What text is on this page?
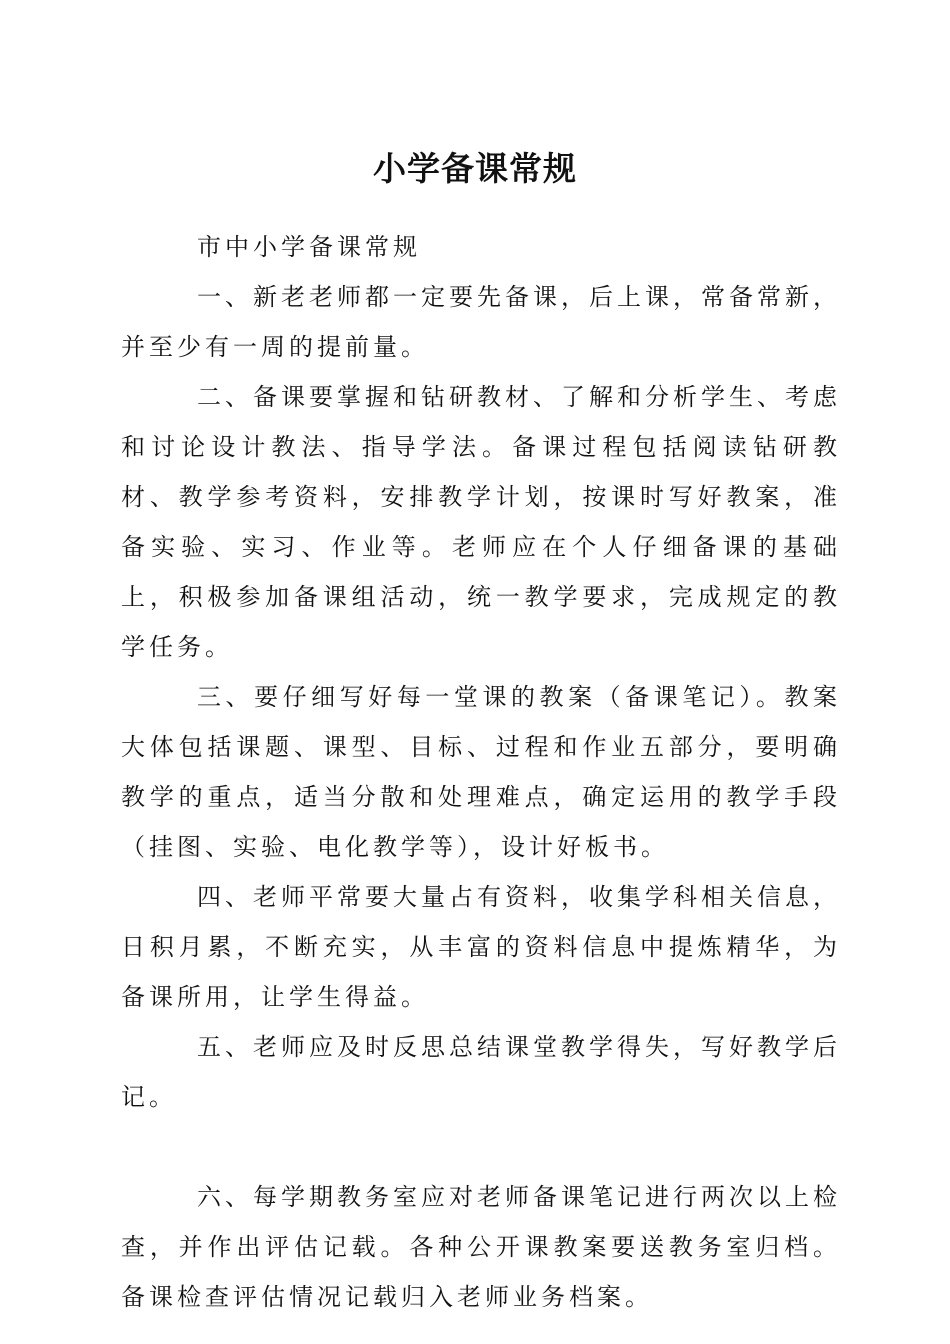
小学备课常规

市中小学备课常规

一、新老老师都一定要先备课，后上课，常备常新，并至少有一周的提前量。

二、备课要掌握和钻研教材、了解和分析学生、考虑和讨论设计教法、指导学法。备课过程包括阅读钻研教材、教学参考资料，安排教学计划，按课时写好教案，准备实验、实习、作业等。老师应在个人仔细备课的基础上，积极参加备课组活动，统一教学要求，完成规定的教学任务。

三、要仔细写好每一堂课的教案（备课笔记）。教案大体包括课题、课型、目标、过程和作业五部分，要明确教学的重点，适当分散和处理难点，确定运用的教学手段（挂图、实验、电化教学等），设计好板书。

四、老师平常要大量占有资料，收集学科相关信息，日积月累，不断充实，从丰富的资料信息中提炼精华，为备课所用，让学生得益。

五、老师应及时反思总结课堂教学得失，写好教学后记。

六、每学期教务室应对老师备课笔记进行两次以上检查，并作出评估记载。各种公开课教案要送教务室归档。备课检查评估情况记载归入老师业务档案。
